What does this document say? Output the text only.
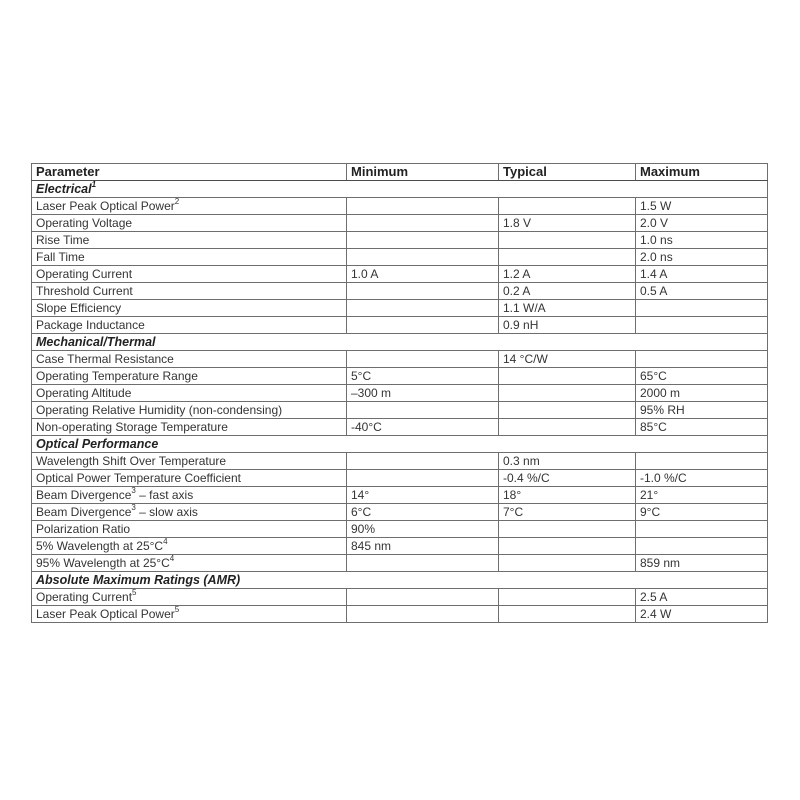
Parameter	Minimum	Typical	Maximum
Electrical$^1$
Laser Peak Optical Power$^2$			1.5 W
Operating Voltage		1.8 V	2.0 V
Rise Time			1.0 ns
Fall Time			2.0 ns
Operating Current	1.0 A	1.2 A	1.4 A
Threshold Current		0.2 A	0.5 A
Slope Efficiency		1.1 W/A	
Package Inductance		0.9 nH	
Mechanical/Thermal			
Case Thermal Resistance		14 °C/W	
Operating Temperature Range	5°C		65°C
Operating Altitude	–300 m		2000 m
Operating Relative Humidity (non-condensing)			95% RH
Non-operating Storage Temperature	-40°C		85°C
Optical Performance			
Wavelength Shift Over Temperature		0.3 nm	
Optical Power Temperature Coefficient		-0.4 %/C	-1.0 %/C
Beam Divergence$^3$ – fast axis	14°	18°	21°
Beam Divergence$^3$ – slow axis	6°C	7°C	9°C
Polarization Ratio	90%		
5% Wavelength at 25°C$^4$	845 nm		
95% Wavelength at 25°C$^4$			859 nm
Absolute Maximum Ratings (AMR)			
Operating Current$^5$			2.5 A
Laser Peak Optical Power$^5$			2.4 W
